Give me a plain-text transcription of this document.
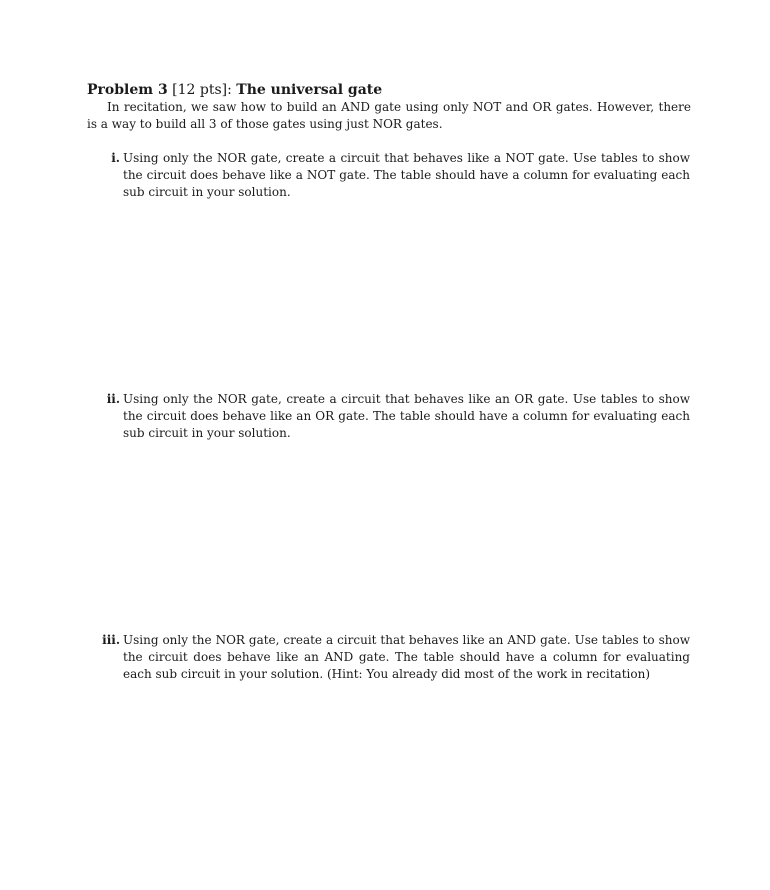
Problem 3 [12 pts]: The universal gate
In recitation, we saw how to build an AND gate using only NOT and OR gates. However, there is a way to build all 3 of those gates using just NOR gates.
i. Using only the NOR gate, create a circuit that behaves like a NOT gate. Use tables to show the circuit does behave like a NOT gate. The table should have a column for evaluating each sub circuit in your solution.
ii. Using only the NOR gate, create a circuit that behaves like an OR gate. Use tables to show the circuit does behave like an OR gate. The table should have a column for evaluating each sub circuit in your solution.
iii. Using only the NOR gate, create a circuit that behaves like an AND gate. Use tables to show the circuit does behave like an AND gate. The table should have a column for evaluating each sub circuit in your solution. (Hint: You already did most of the work in recitation)
